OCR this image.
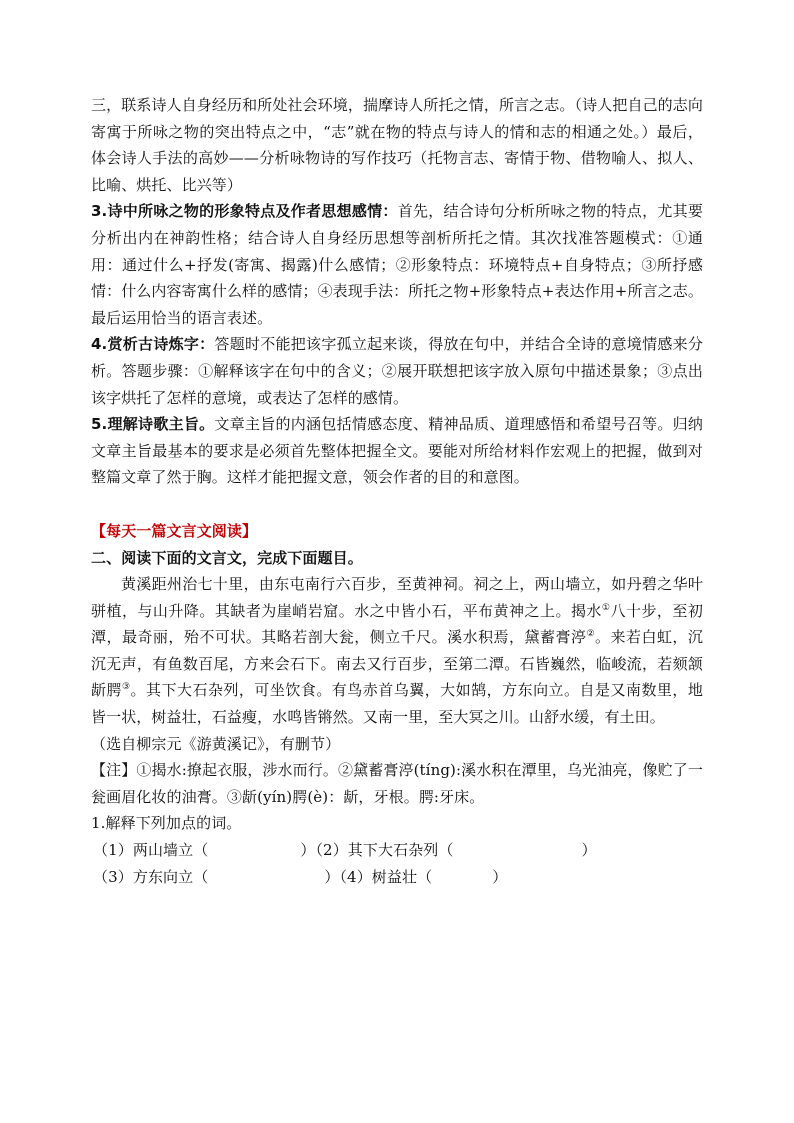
三，联系诗人自身经历和所处社会环境，揣摩诗人所托之情，所言之志。（诗人把自己的志向寄寓于所咏之物的突出特点之中，“志”就在物的特点与诗人的情和志的相通之处。）最后，体会诗人手法的高妙——分析咏物诗的写作技巧（托物言志、寄情于物、借物喻人、拟人、比喻、烘托、比兴等）

3.诗中所咏之物的形象特点及作者思想感情：首先，结合诗句分析所咏之物的特点，尤其要分析出内在神韵性格；结合诗人自身经历思想等剖析所托之情。其次找准答题模式：①通用：通过什么+抒发(寄寓、揭露)什么感情；②形象特点：环境特点+自身特点；③所抒感情：什么内容寄寓什么样的感情；④表现手法：所托之物+形象特点+表达作用+所言之志。最后运用恰当的语言表述。

4.赏析古诗炼字：答题时不能把该字孤立起来谈，得放在句中，并结合全诗的意境情感来分析。答题步骤：①解释该字在句中的含义；②展开联想把该字放入原句中描述景象；③点出该字烘托了怎样的意境，或表达了怎样的感情。

5.理解诗歌主旨。文章主旨的内涵包括情感态度、精神品质、道理感悟和希望号召等。归纳文章主旨最基本的要求是必须首先整体把握全文。要能对所给材料作宏观上的把握，做到对整篇文章了然于胸。这样才能把握文意，领会作者的目的和意图。

【每天一篇文言文阅读】

二、阅读下面的文言文，完成下面题目。

黄溪距州治七十里，由东屯南行六百步，至黄神祠。祠之上，两山墙立，如丹碧之华叶骈植，与山升降。其缺者为崖峭岩窟。水之中皆小石，平布黄神之上。揭水①八十步，至初潭，最奇丽，殆不可状。其略若剖大瓮，侧立千尺。溪水积焉，黛蓄膏渟②。来若白虹，沉沉无声，有鱼数百尾，方来会石下。南去又行百步，至第二潭。石皆巍然，临峻流，若颏颔龂腭③。其下大石杂列，可坐饮食。有鸟赤首乌翼，大如鹄，方东向立。自是又南数里，地皆一状，树益壮，石益瘦，水鸣皆锵然。又南一里，至大冥之川。山舒水缓，有土田。

（选自柳宗元《游黄溪记》，有删节）

【注】①揭水:撩起衣服，涉水而行。②黛蓄膏渟(tíng):溪水积在潭里，乌光油亮，像贮了一瓮画眉化妆的油膏。③龂(yín)腭(è)：龂，牙根。腭:牙床。

1.解释下列加点的词。

（1）两山墙立（	）（2）其下大石杂列（	）

（3）方东向立（	）（4）树益壮（	）
